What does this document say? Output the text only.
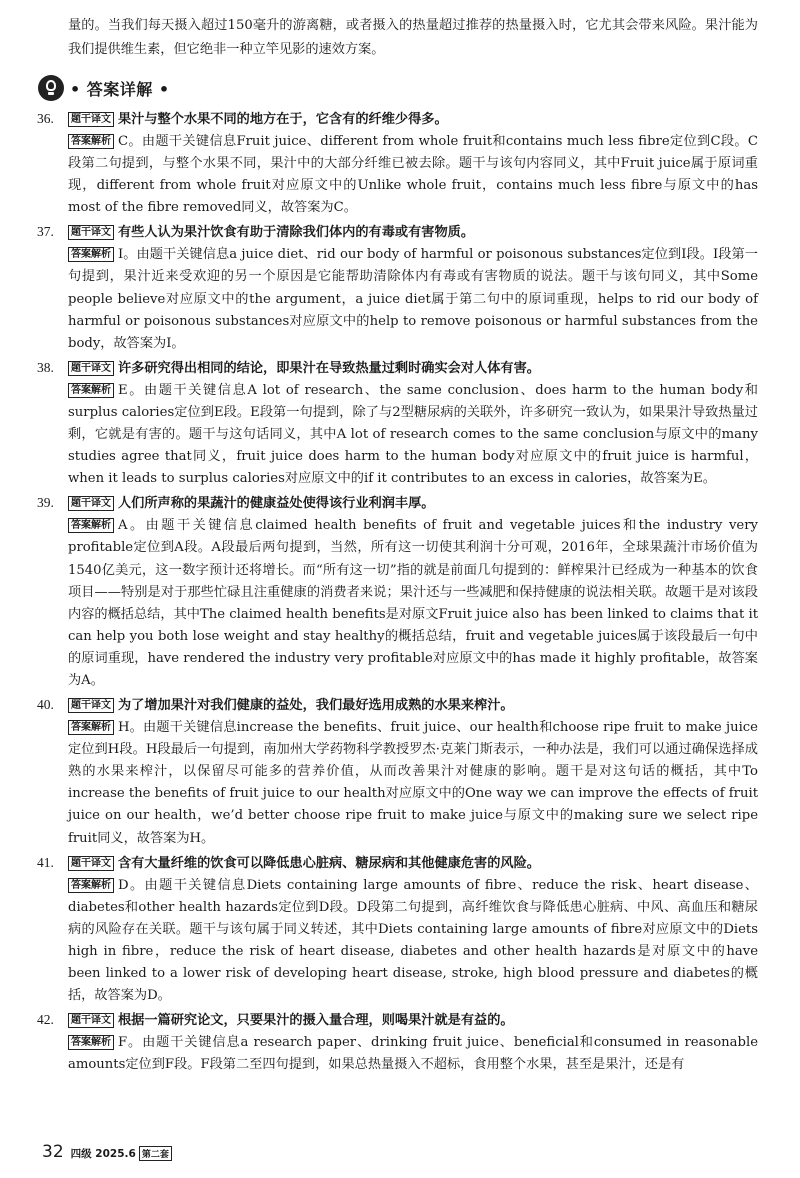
量的。当我们每天摄入超过150毫升的游离糖，或者摄入的热量超过推荐的热量摄入时，它尤其会带来风险。果汁能为我们提供维生素，但它绝非一种立竿见影的速效方案。

• 答案详解 •
36.	题干译文 果汁与整个水果不同的地方在于，它含有的纤维少得多。

答案解析 C。由题干关键信息Fruit juice、different from whole fruit和contains much less fibre定位到C段。C段第二句提到，与整个水果不同，果汁中的大部分纤维已被去除。题干与该句内容同义，其中Fruit juice属于原词重现，different from whole fruit对应原文中的Unlike whole fruit，contains much less fibre与原文中的has most of the fibre removed同义，故答案为C。

37.	题干译文 有些人认为果汁饮食有助于清除我们体内的有毒或有害物质。

答案解析 I。由题干关键信息a juice diet、rid our body of harmful or poisonous substances定位到I段。I段第一句提到，果汁近来受欢迎的另一个原因是它能帮助清除体内有毒或有害物质的说法。题干与该句同义，其中Some people believe对应原文中的the argument，a juice diet属于第二句中的原词重现，helps to rid our body of harmful or poisonous substances对应原文中的help to remove poisonous or harmful substances from the body，故答案为I。

38.	题干译文 许多研究得出相同的结论，即果汁在导致热量过剩时确实会对人体有害。

答案解析 E。由题干关键信息A lot of research、the same conclusion、does harm to the human body和surplus calories定位到E段。E段第一句提到，除了与2型糖尿病的关联外，许多研究一致认为，如果果汁导致热量过剩，它就是有害的。题干与这句话同义，其中A lot of research comes to the same conclusion与原文中的many studies agree that同义，fruit juice does harm to the human body对应原文中的fruit juice is harmful，when it leads to surplus calories对应原文中的if it contributes to an excess in calories，故答案为E。

39.	题干译文 人们所声称的果蔬汁的健康益处使得该行业利润丰厚。

答案解析 A。由题干关键信息claimed health benefits of fruit and vegetable juices和the industry very profitable定位到A段。A段最后两句提到，当然，所有这一切使其利润十分可观，2016年，全球果蔬汁市场价值为1540亿美元，这一数字预计还将增长。而“所有这一切”指的就是前面几句提到的：鲜榨果汁已经成为一种基本的饮食项目——特别是对于那些忙碌且注重健康的消费者来说；果汁还与一些减肥和保持健康的说法相关联。故题干是对该段内容的概括总结，其中The claimed health benefits是对原文Fruit juice also has been linked to claims that it can help you both lose weight and stay healthy的概括总结，fruit and vegetable juices属于该段最后一句中的原词重现，have rendered the industry very profitable对应原文中的has made it highly profitable，故答案为A。

40.	题干译文 为了增加果汁对我们健康的益处，我们最好选用成熟的水果来榨汁。

答案解析 H。由题干关键信息increase the benefits、fruit juice、our health和choose ripe fruit to make juice定位到H段。H段最后一句提到，南加州大学药物科学教授罗杰·克莱门斯表示，一种办法是，我们可以通过确保选择成熟的水果来榨汁，以保留尽可能多的营养价值，从而改善果汁对健康的影响。题干是对这句话的概括，其中To increase the benefits of fruit juice to our health对应原文中的One way we can improve the effects of fruit juice on our health，we’d better choose ripe fruit to make juice与原文中的making sure we select ripe fruit同义，故答案为H。

41.	题干译文 含有大量纤维的饮食可以降低患心脏病、糖尿病和其他健康危害的风险。

答案解析 D。由题干关键信息Diets containing large amounts of fibre、reduce the risk、heart disease、diabetes和other health hazards定位到D段。D段第二句提到，高纤维饮食与降低患心脏病、中风、高血压和糖尿病的风险存在关联。题干与该句属于同义转述，其中Diets containing large amounts of fibre对应原文中的Diets high in fibre，reduce the risk of heart disease, diabetes and other health hazards是对原文中的have been linked to a lower risk of developing heart disease, stroke, high blood pressure and diabetes的概括，故答案为D。

42.	题干译文 根据一篇研究论文，只要果汁的摄入量合理，则喝果汁就是有益的。

答案解析 F。由题干关键信息a research paper、drinking fruit juice、beneficial和consumed in reasonable amounts定位到F段。F段第二至四句提到，如果总热量摄入不超标，食用整个水果，甚至是果汁，还是有

32 四级 2025.6 第二套
